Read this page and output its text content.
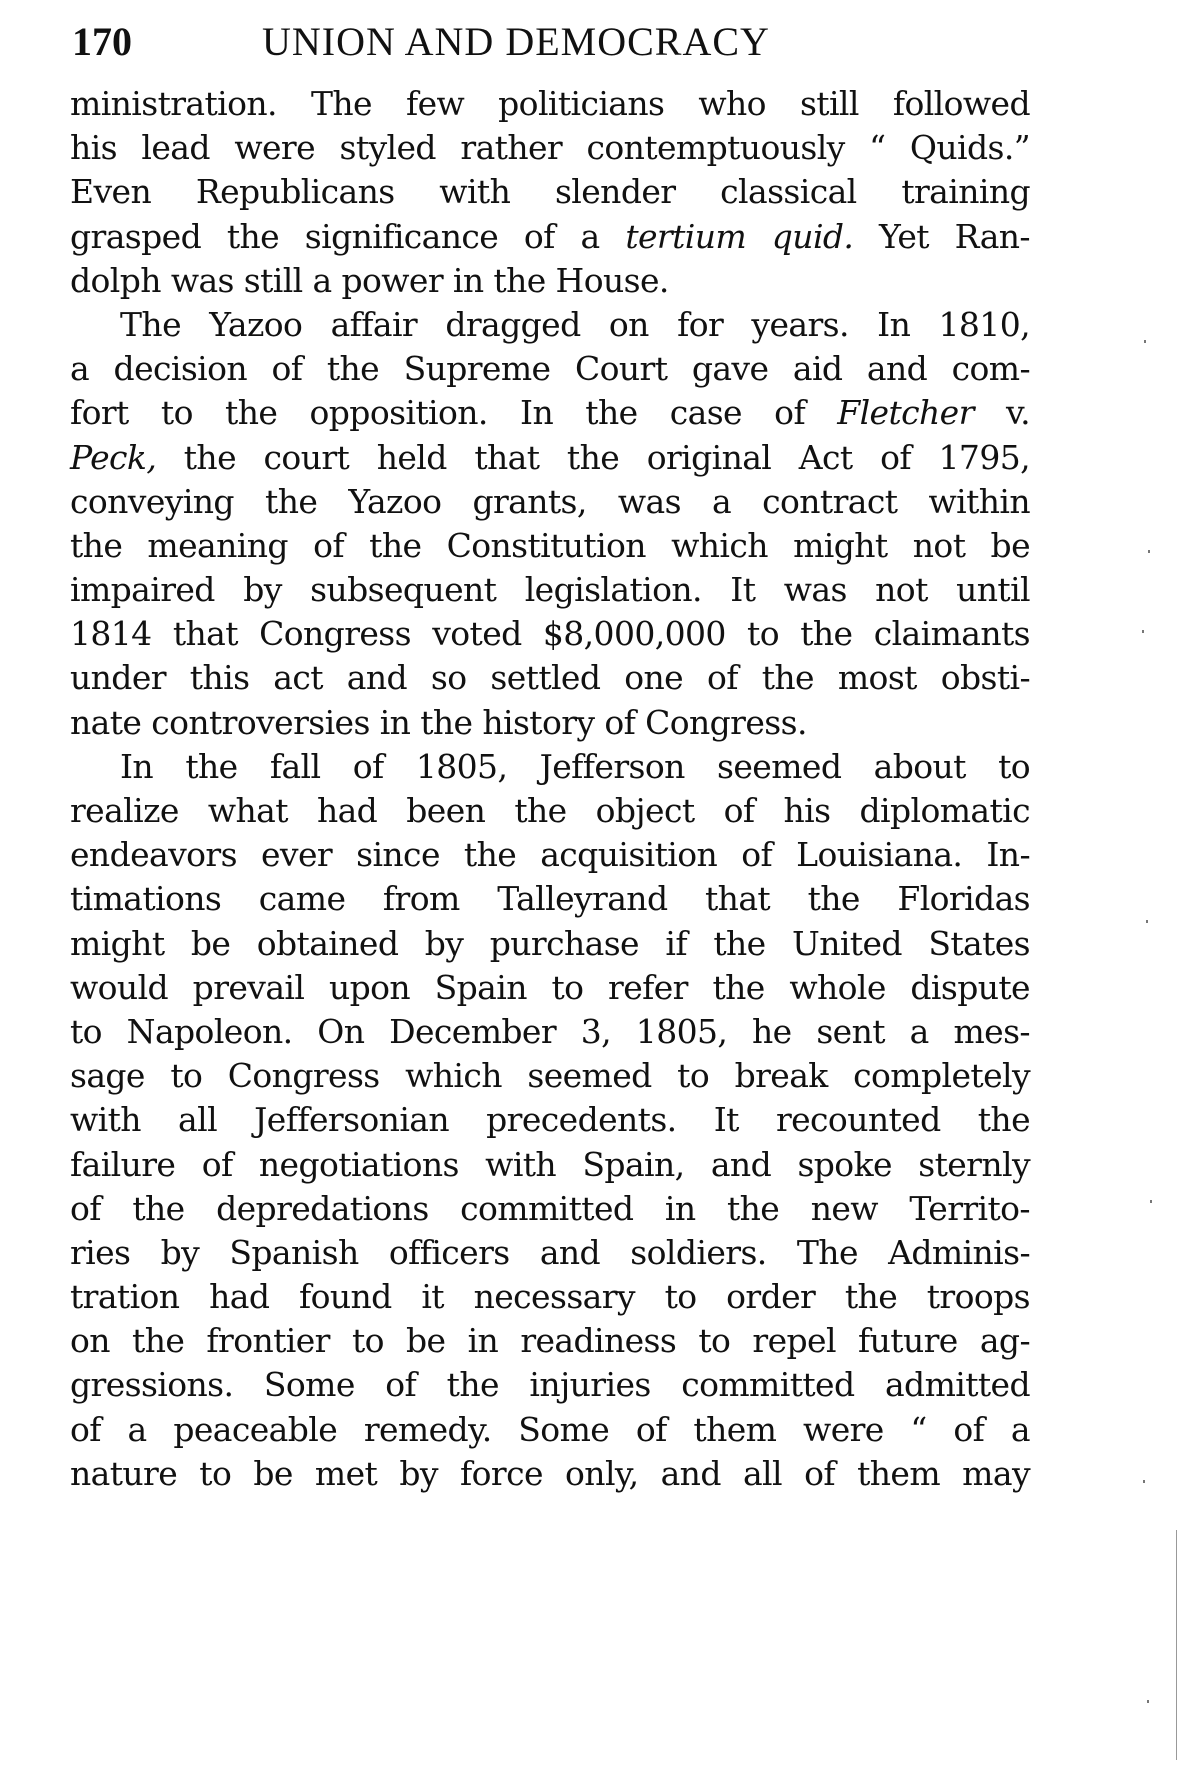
170	UNION AND DEMOCRACY
ministration. The few politicians who still followed
his lead were styled rather contemptuously “ Quids.”
Even Republicans with slender classical training
grasped the significance of a tertium quid. Yet Ran-
dolph was still a power in the House.
The Yazoo affair dragged on for years. In 1810,
a decision of the Supreme Court gave aid and com-
fort to the opposition. In the case of Fletcher v.
Peck, the court held that the original Act of 1795,
conveying the Yazoo grants, was a contract within
the meaning of the Constitution which might not be
impaired by subsequent legislation. It was not until
1814 that Congress voted $8,000,000 to the claimants
under this act and so settled one of the most obsti-
nate controversies in the history of Congress.
In the fall of 1805, Jefferson seemed about to
realize what had been the object of his diplomatic
endeavors ever since the acquisition of Louisiana. In-
timations came from Talleyrand that the Floridas
might be obtained by purchase if the United States
would prevail upon Spain to refer the whole dispute
to Napoleon. On December 3, 1805, he sent a mes-
sage to Congress which seemed to break completely
with all Jeffersonian precedents. It recounted the
failure of negotiations with Spain, and spoke sternly
of the depredations committed in the new Territo-
ries by Spanish officers and soldiers. The Adminis-
tration had found it necessary to order the troops
on the frontier to be in readiness to repel future ag-
gressions. Some of the injuries committed admitted
of a peaceable remedy. Some of them were “ of a
nature to be met by force only, and all of them may
